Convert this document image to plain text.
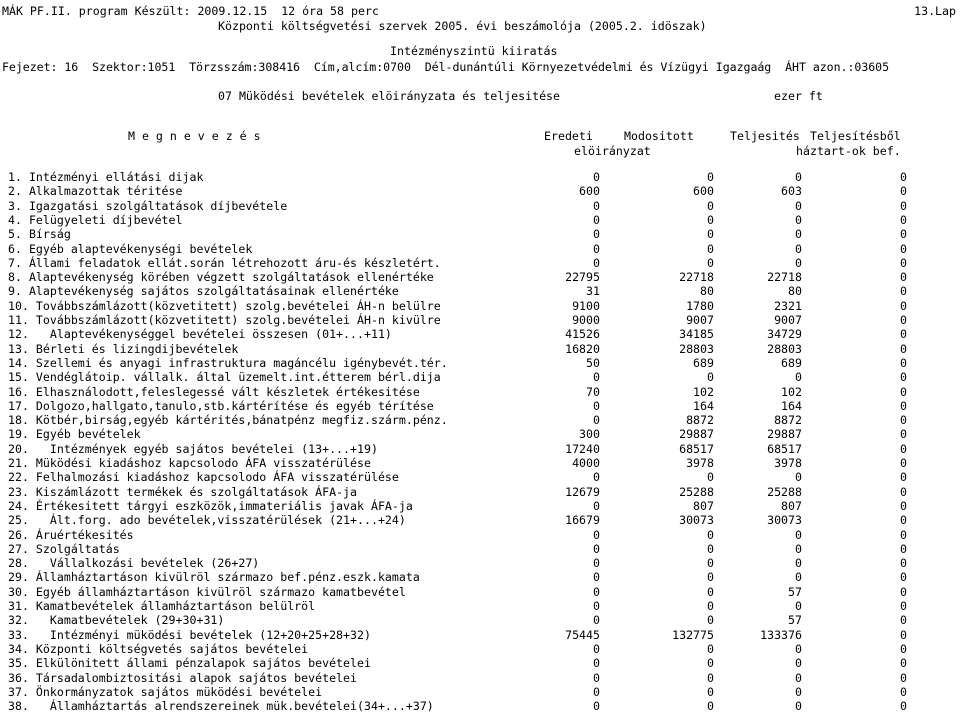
MÁK PF.II. program Készült: 2009.12.15  12 óra 58 perc	13.Lap
Központi költségvetési szervek 2005. évi beszámolója (2005.2. idöszak)
Intézményszintü kiiratás
Fejezet: 16  Szektor:1051  Törzsszám:308416  Cím,alcím:0700  Dél-dunántúli Környezetvédelmi és Vízügyi Igazgaág  ÁHT azon.:03605
07 Müködési bevételek elöirányzata és teljesitése	ezer ft
M e g n e v e z é s	Eredeti
elöirányzat
Modositott	Teljesités Teljesítésből
háztart-ok bef.
1. Intézményi ellátási dijak	0	0	0	0
2. Alkalmazottak téritése	600	600	603	0
3. Igazgatási szolgáltatások díjbevétele	0	0	0	0
4. Felügyeleti díjbevétel	0	0	0	0
5. Bírság	0	0	0	0
6. Egyéb alaptevékenységi bevételek	0	0	0	0
7. Állami feladatok ellát.során létrehozott áru-és készletért.	0	0	0	0
8. Alaptevékenység körében végzett szolgáltatások ellenértéke	22795	22718	22718	0
9. Alaptevékenység sajátos szolgáltatásainak ellenértéke	31	80	80	0
10. Továbbszámlázott(közvetitett) szolg.bevételei ÁH-n belülre	9100	1780	2321	0
11. Továbbszámlázott(közvetitett) szolg.bevételei ÁH-n kivülre	9000	9007	9007	0
12.   Alaptevékenységgel bevételei összesen (01+...+11)	41526	34185	34729	0
13. Bérleti és lizingdijbevételek	16820	28803	28803	0
14. Szellemi és anyagi infrastruktura magáncélu igénybevét.tér.	50	689	689	0
15. Vendéglátoip. vállalk. által üzemelt.int.étterem bérl.dija	0	0	0	0
16. Elhasználodott,feleslegessé vált készletek értékesitése	70	102	102	0
17. Dolgozo,hallgato,tanulo,stb.kártérítése és egyéb térítése	0	164	164	0
18. Kötbér,birság,egyéb kártérités,bánatpénz megfiz.szárm.pénz.	0	8872	8872	0
19. Egyéb bevételek	300	29887	29887	0
20.   Intézmények egyéb sajátos bevételei (13+...+19)	17240	68517	68517	0
21. Müködési kiadáshoz kapcsolodo ÁFA visszatérülése	4000	3978	3978	0
22. Felhalmozási kiadáshoz kapcsolodo ÁFA visszatérülése	0	0	0	0
23. Kiszámlázott termékek és szolgáltatások ÁFA-ja	12679	25288	25288	0
24. Értékesitett tárgyi eszközök,immateriális javak ÁFA-ja	0	807	807	0
25.   Ált.forg. ado bevételek,visszatérülések (21+...+24)	16679	30073	30073	0
26. Áruértékesités	0	0	0	0
27. Szolgáltatás	0	0	0	0
28.   Vállalkozási bevételek (26+27)	0	0	0	0
29. Államháztartáson kivülröl származo bef.pénz.eszk.kamata	0	0	0	0
30. Egyéb államháztartáson kivülröl származo kamatbevétel	0	0	57	0
31. Kamatbevételek államháztartáson belülröl	0	0	0	0
32.   Kamatbevételek (29+30+31)	0	0	57	0
33.   Intézményi müködési bevételek (12+20+25+28+32)	75445	132775	133376	0
34. Központi költségvetés sajátos bevételei	0	0	0	0
35. Elkülönitett állami pénzalapok sajátos bevételei	0	0	0	0
36. Társadalombiztositási alapok sajátos bevételei	0	0	0	0
37. Önkormányzatok sajátos müködési bevételei	0	0	0	0
38.   Államháztartás alrendszereinek mük.bevételei(34+...+37)	0	0	0	0
